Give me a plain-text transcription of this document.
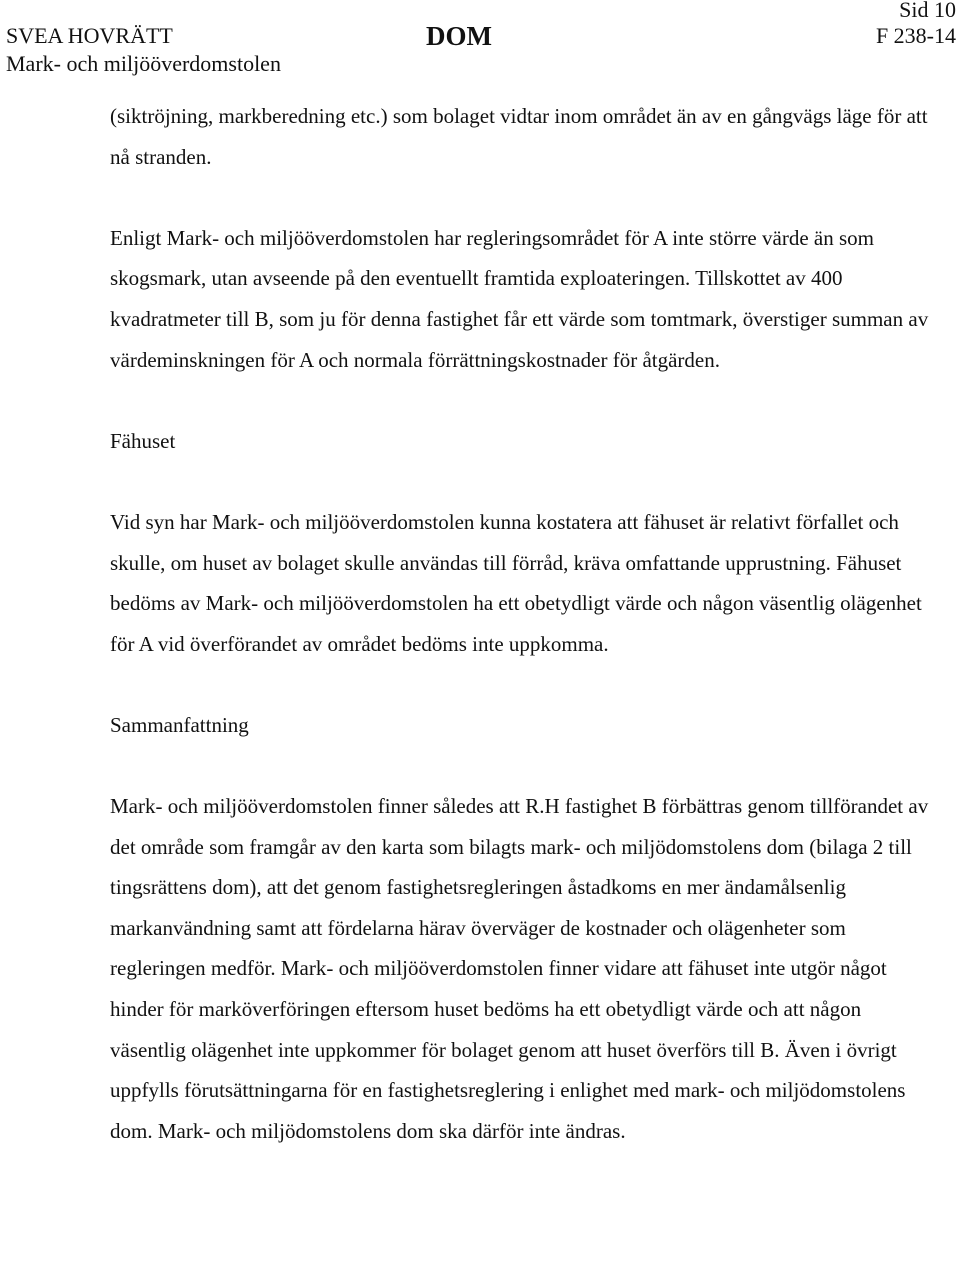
Sid 10
SVEA HOVRÄTT
Mark- och miljööverdomstolen
DOM	F 238-14

(siktröjning, markberedning etc.) som bolaget vidtar inom området än av en gångvägs läge för att nå stranden.

Enligt Mark- och miljööverdomstolen har regleringsområdet för A inte större värde än som skogsmark, utan avseende på den eventuellt framtida exploateringen. Tillskottet av 400 kvadratmeter till B, som ju för denna fastighet får ett värde som tomtmark, överstiger summan av värdeminskningen för A och normala förrättningskostnader för åtgärden.

Fähuset

Vid syn har Mark- och miljööverdomstolen kunna kostatera att fähuset är relativt förfallet och skulle, om huset av bolaget skulle användas till förråd, kräva omfattande upprustning. Fähuset bedöms av Mark- och miljööverdomstolen ha ett obetydligt värde och någon väsentlig olägenhet för A vid överförandet av området bedöms inte uppkomma.

Sammanfattning

Mark- och miljööverdomstolen finner således att R.H fastighet B förbättras genom tillförandet av det område som framgår av den karta som bilagts mark- och miljödomstolens dom (bilaga 2 till tingsrättens dom), att det genom fastighetsregleringen åstadkoms en mer ändamålsenlig markanvändning samt att fördelarna härav överväger de kostnader och olägenheter som regleringen medför. Mark- och miljööverdomstolen finner vidare att fähuset inte utgör något hinder för marköverföringen eftersom huset bedöms ha ett obetydligt värde och att någon väsentlig olägenhet inte uppkommer för bolaget genom att huset överförs till B. Även i övrigt uppfylls förutsättningarna för en fastighetsreglering i enlighet med mark- och miljödomstolens dom. Mark- och miljödomstolens dom ska därför inte ändras.
